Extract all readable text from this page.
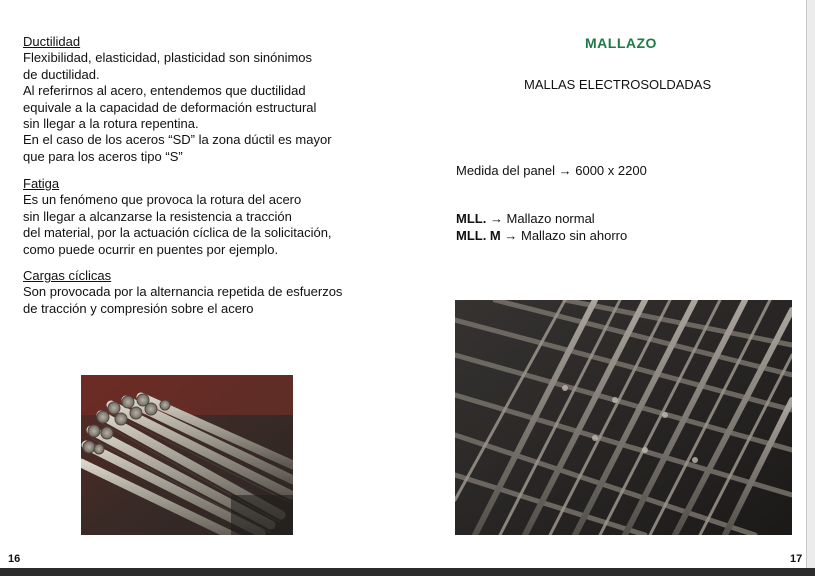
Ductilidad
Flexibilidad, elasticidad, plasticidad son sinónimos
de ductilidad.
Al referirnos al acero, entendemos que ductilidad
equivale a la capacidad de deformación estructural
sin llegar a la rotura repentina.
En el caso de los aceros “SD” la zona dúctil es mayor
que para los aceros tipo “S”
Fatiga
Es un fenómeno que provoca la rotura del acero
sin llegar a alcanzarse la resistencia a tracción
del material, por la actuación cíclica de la solicitación,
como puede ocurrir en puentes por ejemplo.
Cargas cíclicas
Son provocada por la alternancia repetida de esfuerzos
de tracción y compresión sobre el acero
16
MALLAZO
MALLAS ELECTROSOLDADAS
Medida del panel → 6000 x 2200
MLL. → Mallazo normal
MLL. M → Mallazo sin ahorro
17
